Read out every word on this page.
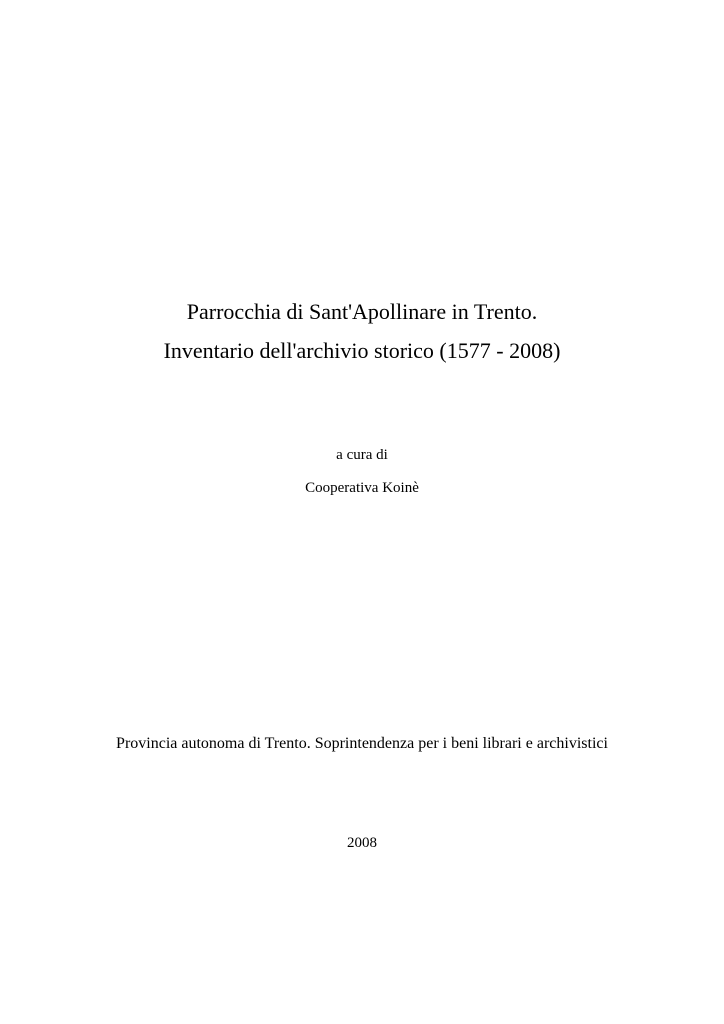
Parrocchia di Sant'Apollinare in Trento.
Inventario dell'archivio storico (1577 - 2008)
a cura di
Cooperativa Koinè
Provincia autonoma di Trento. Soprintendenza per i beni librari e archivistici
2008
